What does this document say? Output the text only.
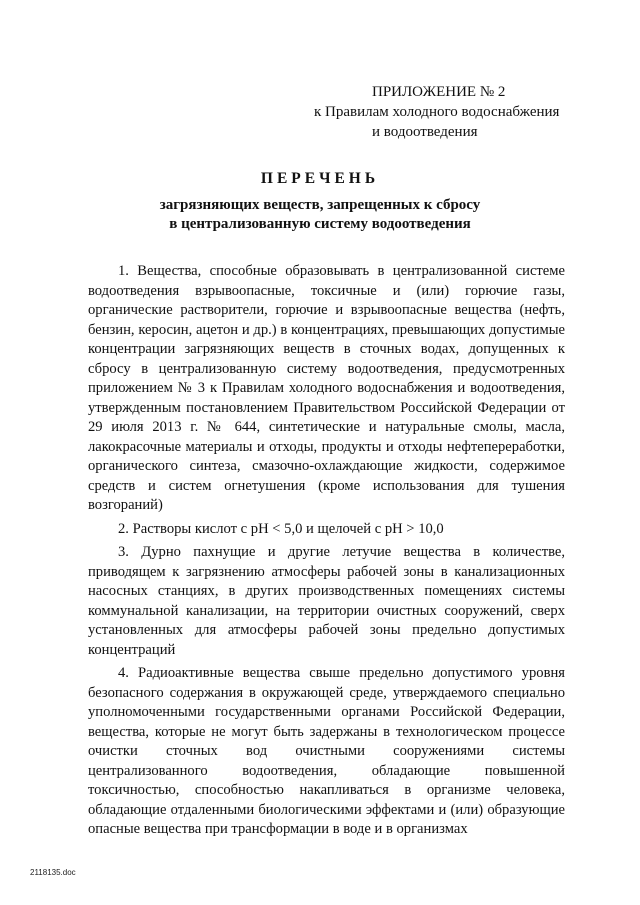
ПРИЛОЖЕНИЕ № 2
к Правилам холодного водоснабжения
и водоотведения
ПЕРЕЧЕНЬ
загрязняющих веществ, запрещенных к сбросу
в централизованную систему водоотведения

1. Вещества, способные образовывать в централизованной системе водоотведения взрывоопасные, токсичные и (или) горючие газы, органические растворители, горючие и взрывоопасные вещества (нефть, бензин, керосин, ацетон и др.) в концентрациях, превышающих допустимые концентрации загрязняющих веществ в сточных водах, допущенных к сбросу в централизованную систему водоотведения, предусмотренных приложением № 3 к Правилам холодного водоснабжения и водоотведения, утвержденным постановлением Правительством Российской Федерации от 29 июля 2013 г. № 644, синтетические и натуральные смолы, масла, лакокрасочные материалы и отходы, продукты и отходы нефтепереработки, органического синтеза, смазочно-охлаждающие жидкости, содержимое средств и систем огнетушения (кроме использования для тушения возгораний)

2. Растворы кислот с pH < 5,0 и щелочей с pH > 10,0

3. Дурно пахнущие и другие летучие вещества в количестве, приводящем к загрязнению атмосферы рабочей зоны в канализационных насосных станциях, в других производственных помещениях системы коммунальной канализации, на территории очистных сооружений, сверх установленных для атмосферы рабочей зоны предельно допустимых концентраций

4. Радиоактивные вещества свыше предельно допустимого уровня безопасного содержания в окружающей среде, утверждаемого специально уполномоченными государственными органами Российской Федерации, вещества, которые не могут быть задержаны в технологическом процессе очистки сточных вод очистными сооружениями системы централизованного водоотведения, обладающие повышенной токсичностью, способностью накапливаться в организме человека, обладающие отдаленными биологическими эффектами и (или) образующие опасные вещества при трансформации в воде и в организмах

2118135.doc
